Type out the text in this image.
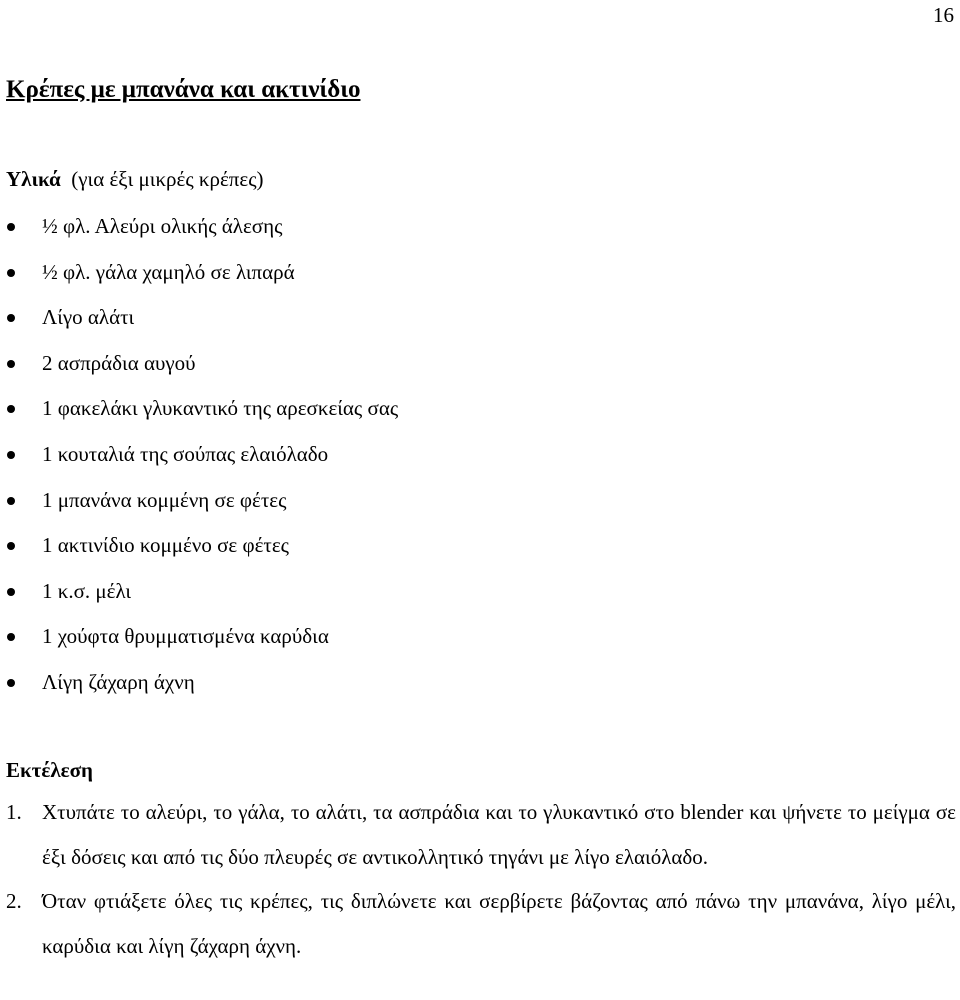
16
Κρέπες με μπανάνα και ακτινίδιο
Υλικά (για έξι μικρές κρέπες)
½ φλ. Αλεύρι ολικής άλεσης
½ φλ. γάλα χαμηλό σε λιπαρά
Λίγο αλάτι
2 ασπράδια αυγού
1 φακελάκι γλυκαντικό της αρεσκείας σας
1 κουταλιά της σούπας ελαιόλαδο
1 μπανάνα κομμένη σε φέτες
1 ακτινίδιο κομμένο σε φέτες
1 κ.σ. μέλι
1 χούφτα θρυμματισμένα καρύδια
Λίγη ζάχαρη άχνη
Εκτέλεση
1. Χτυπάτε το αλεύρι, το γάλα, το αλάτι, τα ασπράδια και το γλυκαντικό στο blender και ψήνετε το μείγμα σε έξι δόσεις και από τις δύο πλευρές σε αντικολλητικό τηγάνι με λίγο ελαιόλαδο.
2. Όταν φτιάξετε όλες τις κρέπες, τις διπλώνετε και σερβίρετε βάζοντας από πάνω την μπανάνα, λίγο μέλι, καρύδια και λίγη ζάχαρη άχνη.
